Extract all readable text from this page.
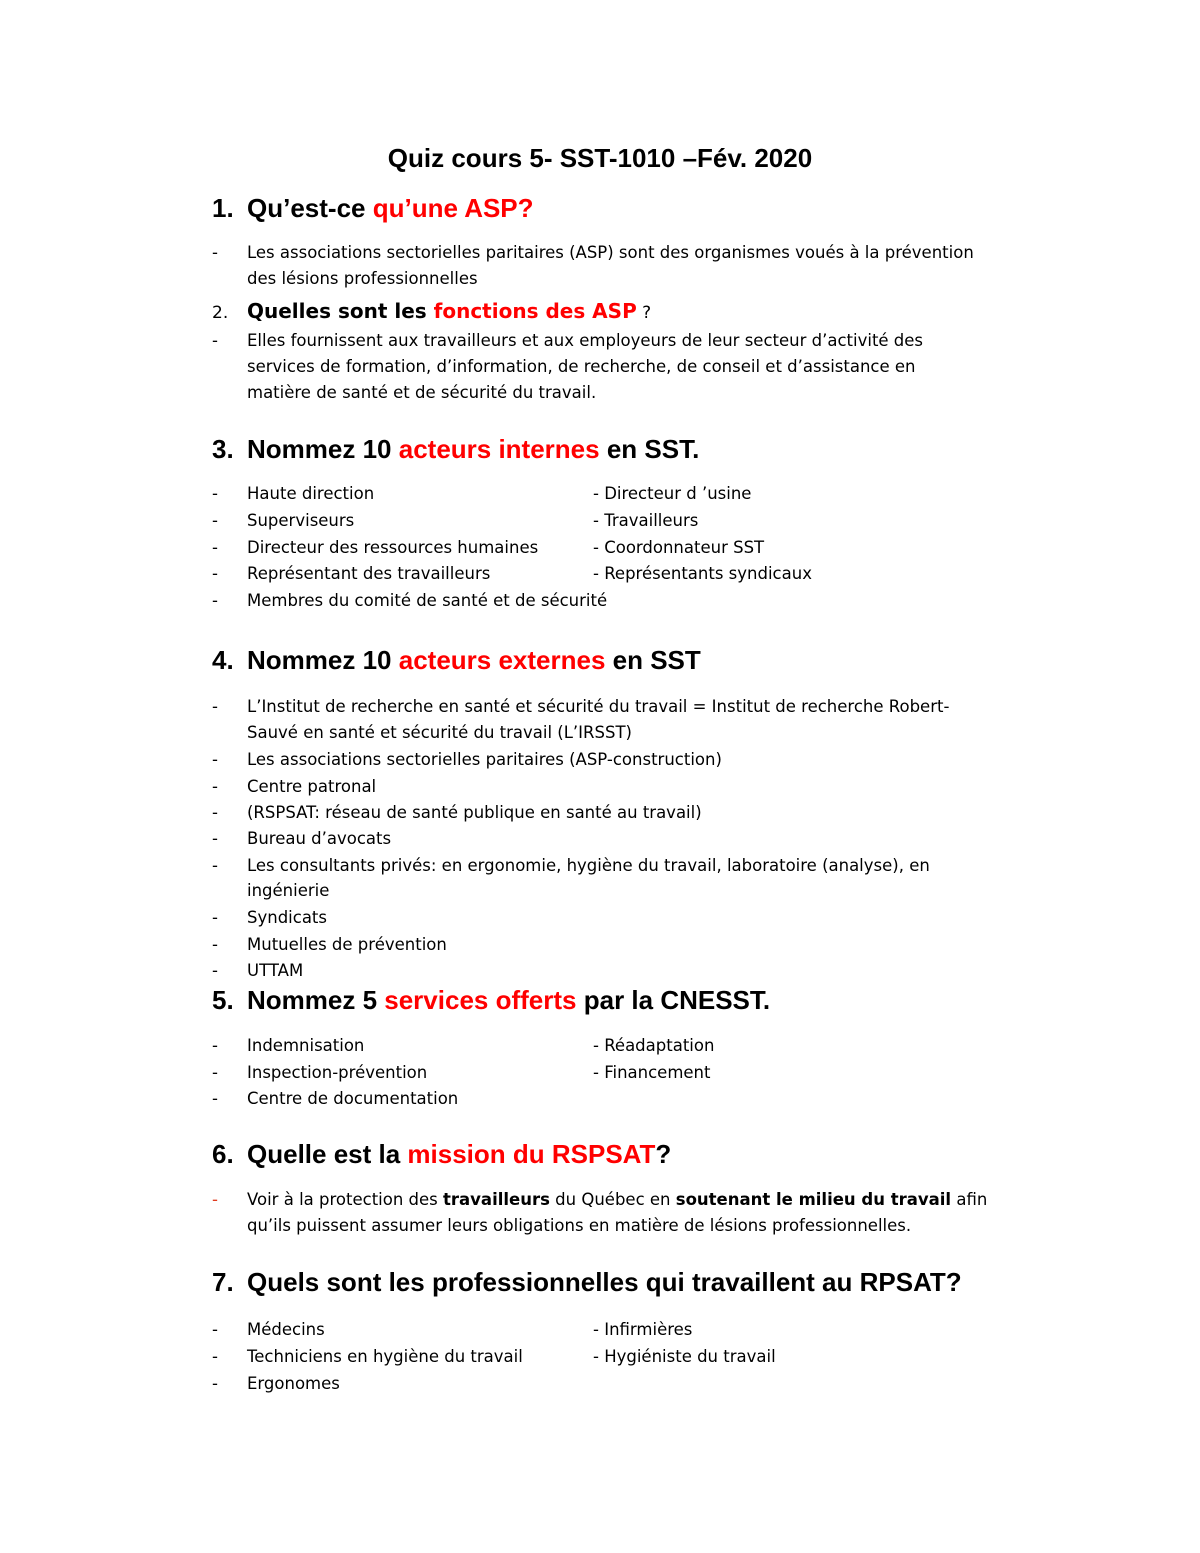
Quiz cours 5- SST-1010 –Fév. 2020
1. Qu’est-ce qu’une ASP?
- Les associations sectorielles paritaires (ASP) sont des organismes voués à la prévention
des lésions professionnelles
2. Quelles sont les fonctions des ASP ?
- Elles fournissent aux travailleurs et aux employeurs de leur secteur d’activité des
services de formation, d’information, de recherche, de conseil et d’assistance en
matière de santé et de sécurité du travail.
3. Nommez 10 acteurs internes en SST.
- Haute direction	- Directeur d ’usine
- Superviseurs	- Travailleurs
- Directeur des ressources humaines	- Coordonnateur SST
- Représentant des travailleurs	- Représentants syndicaux
- Membres du comité de santé et de sécurité
4. Nommez 10 acteurs externes en SST
- L’Institut de recherche en santé et sécurité du travail = Institut de recherche Robert-
Sauvé en santé et sécurité du travail (L’IRSST)
- Les associations sectorielles paritaires (ASP-construction)
- Centre patronal
- (RSPSAT: réseau de santé publique en santé au travail)
- Bureau d’avocats
- Les consultants privés: en ergonomie, hygiène du travail, laboratoire (analyse), en
ingénierie
- Syndicats
- Mutuelles de prévention
- UTTAM
5. Nommez 5 services offerts par la CNESST.
- Indemnisation	- Réadaptation
- Inspection-prévention	- Financement
- Centre de documentation
6. Quelle est la mission du RSPSAT?
- Voir à la protection des travailleurs du Québec en soutenant le milieu du travail afin
qu’ils puissent assumer leurs obligations en matière de lésions professionnelles.
7. Quels sont les professionnelles qui travaillent au RPSAT?
- Médecins	- Infirmières
- Techniciens en hygiène du travail	- Hygiéniste du travail
- Ergonomes
